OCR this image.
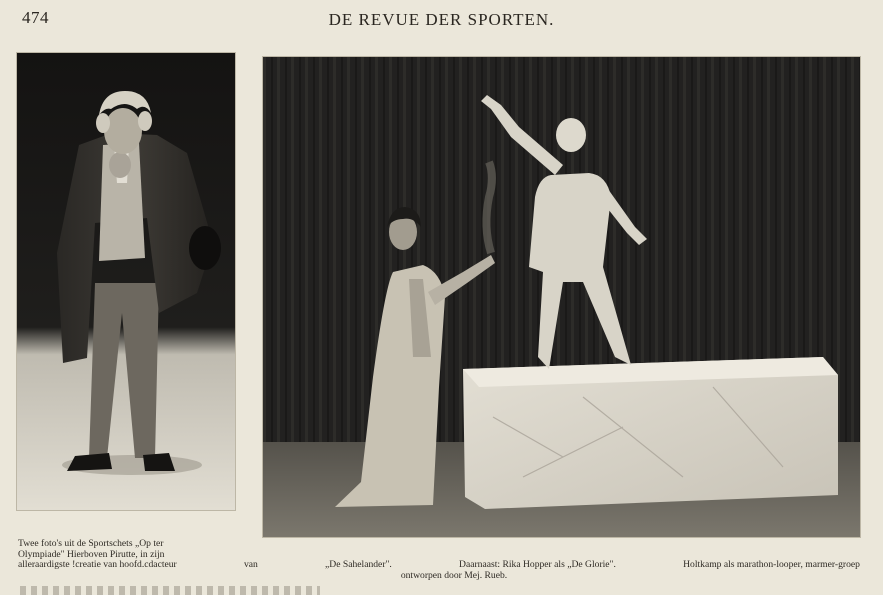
474	DE REVUE DER SPORTEN.
Twee foto's uit de Sportschets „Op ter
Olympiade" Hierboven Pirutte, in zijn
allerаardigste !creatie van hoofd.cdacteur	van	„De Sahelander".	Daarnaast: Rika Hopper als „De Glorie".	Holtkamp als marathon-looper, marmer-groep
ontworpen door Mej. Rueb.
